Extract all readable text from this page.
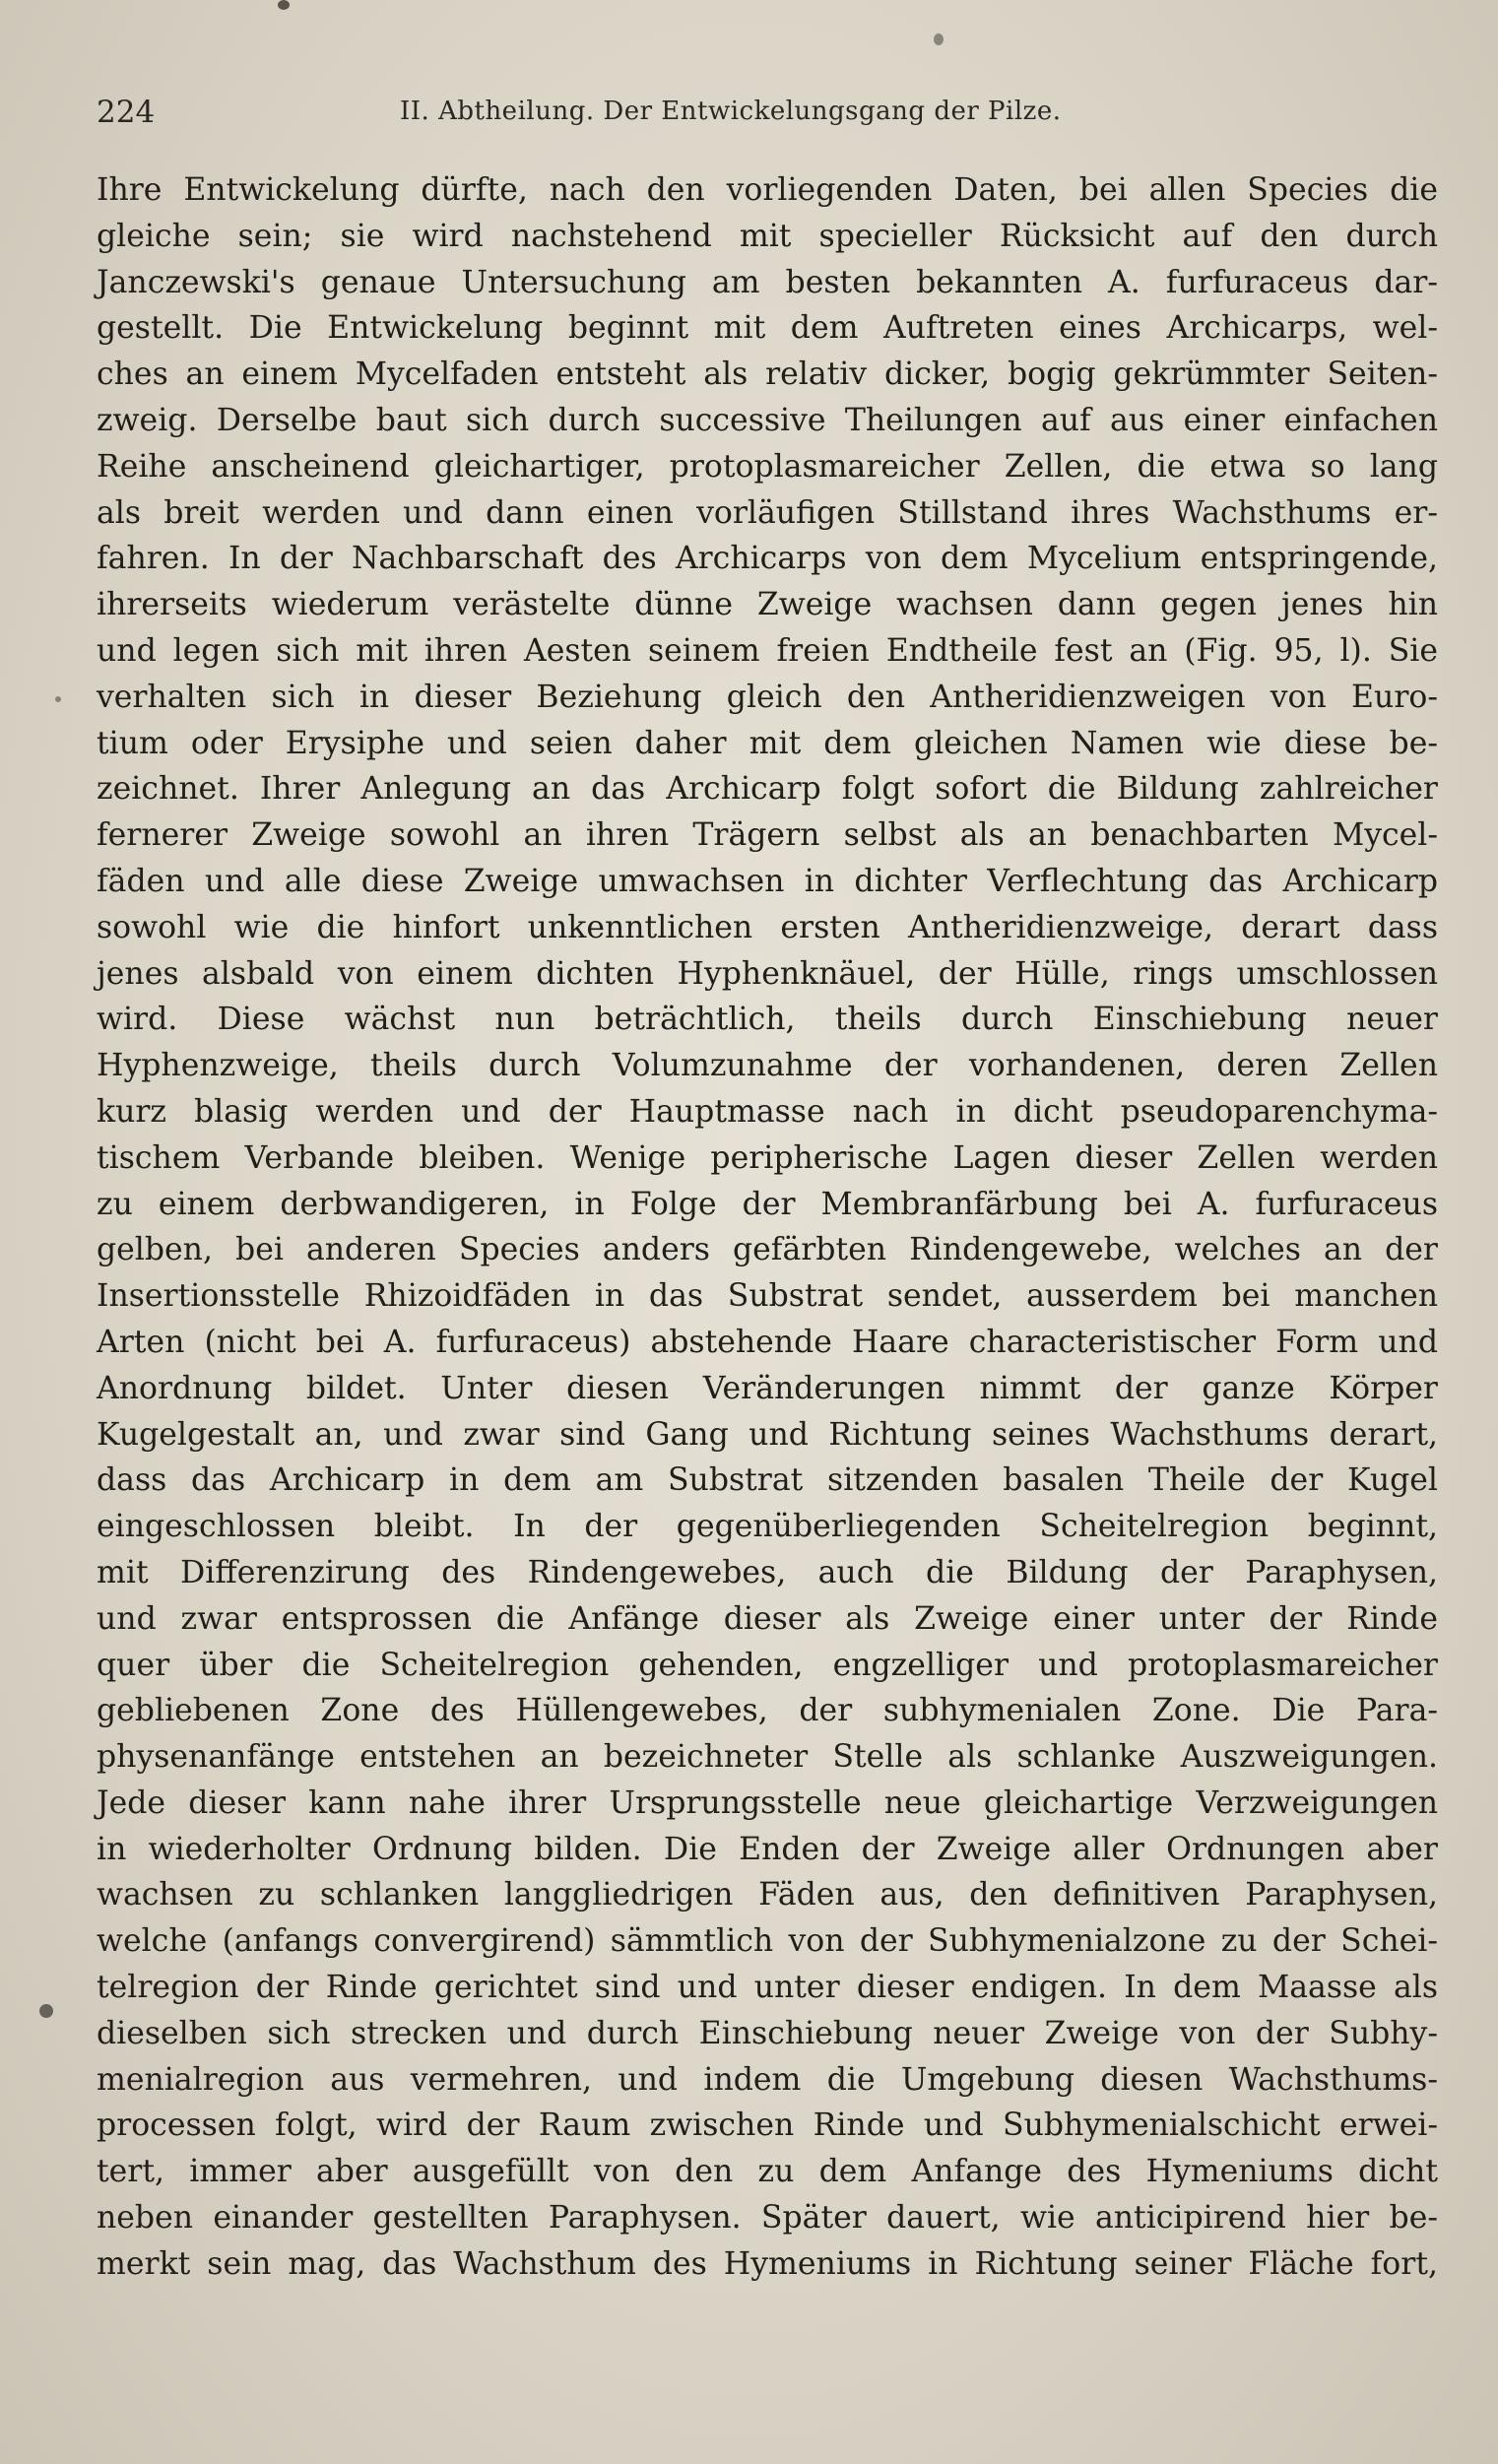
224	II. Abtheilung. Der Entwickelungsgang der Pilze.
Ihre Entwickelung dürfte, nach den vorliegenden Daten, bei allen Species die
gleiche sein; sie wird nachstehend mit specieller Rücksicht auf den durch
Janczewski's genaue Untersuchung am besten bekannten A. furfuraceus dar-
gestellt. Die Entwickelung beginnt mit dem Auftreten eines Archicarps, wel-
ches an einem Mycelfaden entsteht als relativ dicker, bogig gekrümmter Seiten-
zweig. Derselbe baut sich durch successive Theilungen auf aus einer einfachen
Reihe anscheinend gleichartiger, protoplasmareicher Zellen, die etwa so lang
als breit werden und dann einen vorläufigen Stillstand ihres Wachsthums er-
fahren. In der Nachbarschaft des Archicarps von dem Mycelium entspringende,
ihrerseits wiederum verästelte dünne Zweige wachsen dann gegen jenes hin
und legen sich mit ihren Aesten seinem freien Endtheile fest an (Fig. 95, l). Sie
verhalten sich in dieser Beziehung gleich den Antheridienzweigen von Euro-
tium oder Erysiphe und seien daher mit dem gleichen Namen wie diese be-
zeichnet. Ihrer Anlegung an das Archicarp folgt sofort die Bildung zahlreicher
fernerer Zweige sowohl an ihren Trägern selbst als an benachbarten Mycel-
fäden und alle diese Zweige umwachsen in dichter Verflechtung das Archicarp
sowohl wie die hinfort unkenntlichen ersten Antheridienzweige, derart dass
jenes alsbald von einem dichten Hyphenknäuel, der Hülle, rings umschlossen
wird. Diese wächst nun beträchtlich, theils durch Einschiebung neuer
Hyphenzweige, theils durch Volumzunahme der vorhandenen, deren Zellen
kurz blasig werden und der Hauptmasse nach in dicht pseudoparenchyma-
tischem Verbande bleiben. Wenige peripherische Lagen dieser Zellen werden
zu einem derbwandigeren, in Folge der Membranfärbung bei A. furfuraceus
gelben, bei anderen Species anders gefärbten Rindengewebe, welches an der
Insertionsstelle Rhizoidfäden in das Substrat sendet, ausserdem bei manchen
Arten (nicht bei A. furfuraceus) abstehende Haare characteristischer Form und
Anordnung bildet. Unter diesen Veränderungen nimmt der ganze Körper
Kugelgestalt an, und zwar sind Gang und Richtung seines Wachsthums derart,
dass das Archicarp in dem am Substrat sitzenden basalen Theile der Kugel
eingeschlossen bleibt. In der gegenüberliegenden Scheitelregion beginnt,
mit Differenzirung des Rindengewebes, auch die Bildung der Paraphysen,
und zwar entsprossen die Anfänge dieser als Zweige einer unter der Rinde
quer über die Scheitelregion gehenden, engzelliger und protoplasmareicher
gebliebenen Zone des Hüllengewebes, der subhymenialen Zone. Die Para-
physenanfänge entstehen an bezeichneter Stelle als schlanke Auszweigungen.
Jede dieser kann nahe ihrer Ursprungsstelle neue gleichartige Verzweigungen
in wiederholter Ordnung bilden. Die Enden der Zweige aller Ordnungen aber
wachsen zu schlanken langgliedrigen Fäden aus, den definitiven Paraphysen,
welche (anfangs convergirend) sämmtlich von der Subhymenialzone zu der Schei-
telregion der Rinde gerichtet sind und unter dieser endigen. In dem Maasse als
dieselben sich strecken und durch Einschiebung neuer Zweige von der Subhy-
menialregion aus vermehren, und indem die Umgebung diesen Wachsthums-
processen folgt, wird der Raum zwischen Rinde und Subhymenialschicht erwei-
tert, immer aber ausgefüllt von den zu dem Anfange des Hymeniums dicht
neben einander gestellten Paraphysen. Später dauert, wie anticipirend hier be-
merkt sein mag, das Wachsthum des Hymeniums in Richtung seiner Fläche fort,
